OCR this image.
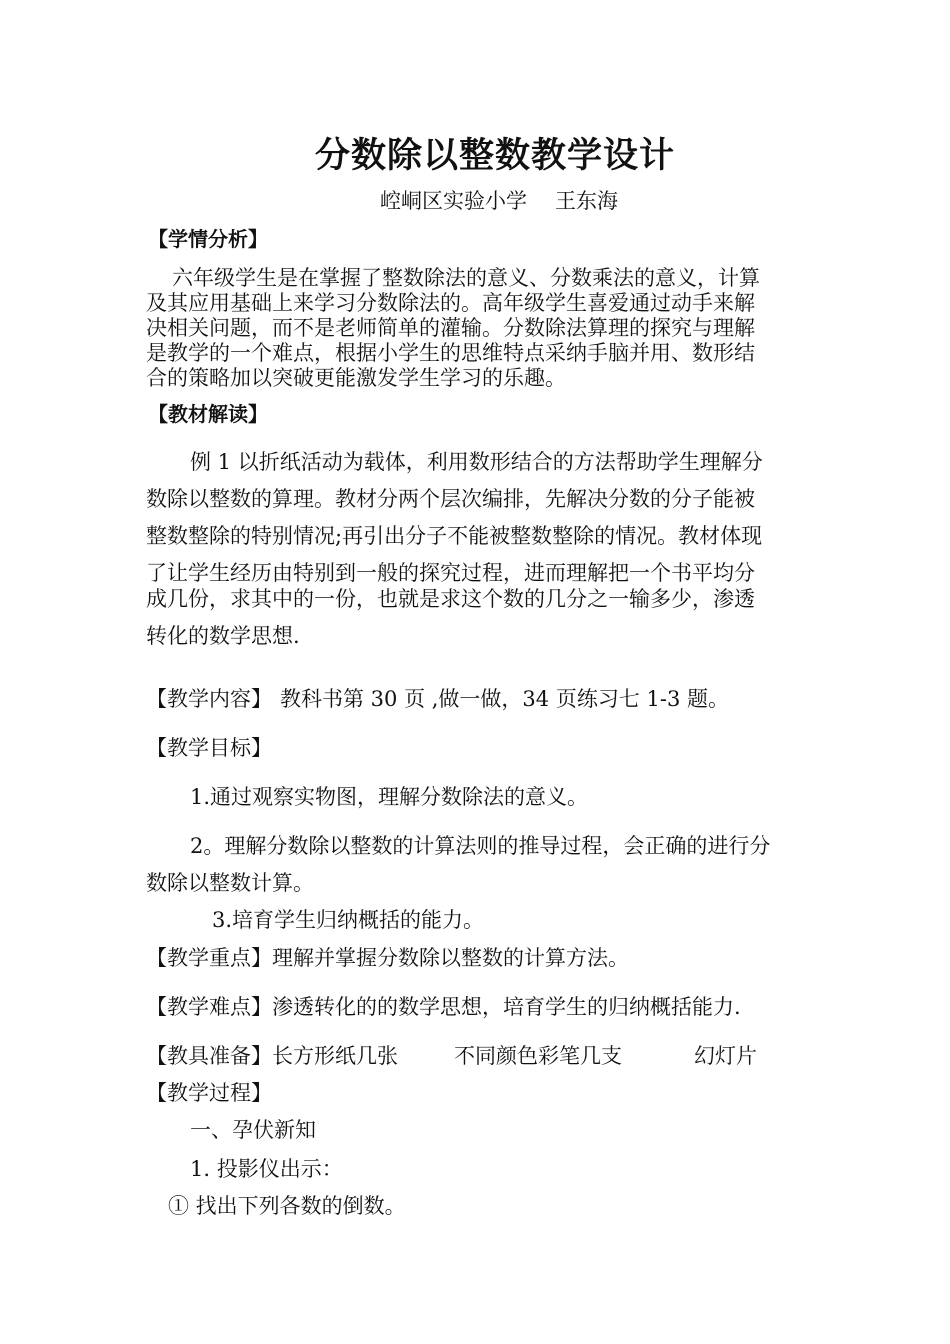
分数除以整数教学设计
崆峒区实验小学 王东海
【学情分析】
六年级学生是在掌握了整数除法的意义、分数乘法的意义，计算
及其应用基础上来学习分数除法的。高年级学生喜爱通过动手来解
决相关问题，而不是老师简单的灌输。分数除法算理的探究与理解
是教学的一个难点，根据小学生的思维特点采纳手脑并用、数形结
合的策略加以突破更能激发学生学习的乐趣。
【教材解读】
例 1 以折纸活动为载体，利用数形结合的方法帮助学生理解分
数除以整数的算理。教材分两个层次编排，先解决分数的分子能被
整数整除的特别情况;再引出分子不能被整数整除的情况。教材体现
了让学生经历由特别到一般的探究过程，进而理解把一个书平均分
成几份，求其中的一份，也就是求这个数的几分之一输多少，渗透
转化的数学思想.
【教学内容】 教科书第 30 页 ,做一做，34 页练习七 1-3 题。
【教学目标】
1.通过观察实物图，理解分数除法的意义。
2。理解分数除以整数的计算法则的推导过程，会正确的进行分
数除以整数计算。
3.培育学生归纳概括的能力。
【教学重点】理解并掌握分数除以整数的计算方法。
【教学难点】渗透转化的的数学思想，培育学生的归纳概括能力.
【教具准备】长方形纸几张	不同颜色彩笔几支	幻灯片
【教学过程】
一、孕伏新知
1. 投影仪出示：
① 找出下列各数的倒数。
